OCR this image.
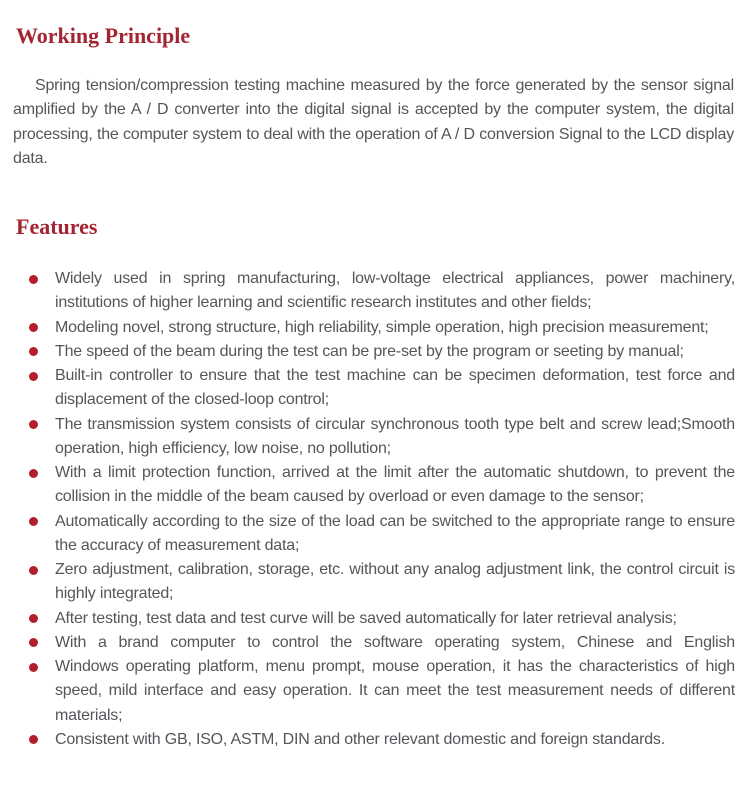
Working Principle

Spring tension/compression testing machine measured by the force generated by the sensor signal amplified by the A / D converter into the digital signal is accepted by the computer system, the digital processing, the computer system to deal with the operation of A / D conversion Signal to the LCD display data.

Features
Widely used in spring manufacturing, low-voltage electrical appliances, power machinery, institutions of higher learning and scientific research institutes and other fields;
Modeling novel, strong structure, high reliability, simple operation, high precision measurement;
The speed of the beam during the test can be pre-set by the program or seeting by manual;
Built-in controller to ensure that the test machine can be specimen deformation, test force and displacement of the closed-loop control;
The transmission system consists of circular synchronous tooth type belt and screw lead;Smooth operation, high efficiency, low noise, no pollution;
With a limit protection function, arrived at the limit after the automatic shutdown, to prevent the collision in the middle of the beam caused by overload or even damage to the sensor;
Automatically according to the size of the load can be switched to the appropriate range to ensure the accuracy of measurement data;
Zero adjustment, calibration, storage, etc. without any analog adjustment link, the control circuit is highly integrated;
After testing, test data and test curve will be saved automatically for later retrieval analysis;
With a brand computer to control the software operating system, Chinese and English
Windows operating platform, menu prompt, mouse operation, it has the characteristics of high speed, mild interface and easy operation. It can meet the test measurement needs of different materials;
Consistent with GB, ISO, ASTM, DIN and other relevant domestic and foreign standards.
